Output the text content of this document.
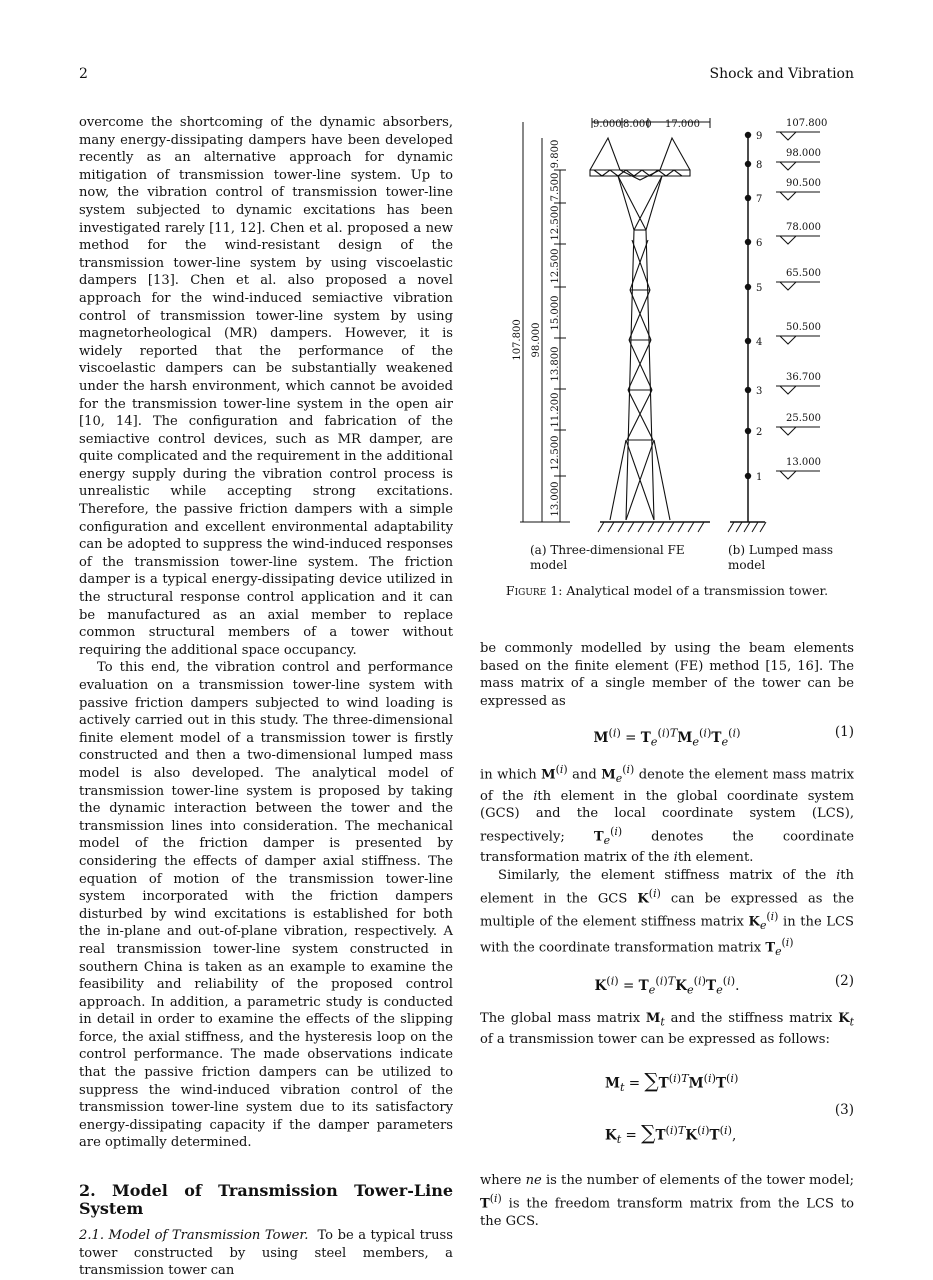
2	Shock and Vibration

overcome the shortcoming of the dynamic absorbers, many energy-dissipating dampers have been developed recently as an alternative approach for dynamic mitigation of transmission tower-line system. Up to now, the vibration control of transmission tower-line system subjected to dynamic excitations has been investigated rarely [11, 12]. Chen et al. proposed a new method for the wind-resistant design of the transmission tower-line system by using viscoelastic dampers [13]. Chen et al. also proposed a novel approach for the wind-induced semiactive vibration control of transmission tower-line system by using magnetorheological (MR) dampers. However, it is widely reported that the performance of the viscoelastic dampers can be substantially weakened under the harsh environment, which cannot be avoided for the transmission tower-line system in the open air [10, 14]. The configuration and fabrication of the semiactive control devices, such as MR damper, are quite complicated and the requirement in the additional energy supply during the vibration control process is unrealistic while accepting strong excitations. Therefore, the passive friction dampers with a simple configuration and excellent environmental adaptability can be adopted to suppress the wind-induced responses of the transmission tower-line system. The friction damper is a typical energy-dissipating device utilized in the structural response control application and it can be manufactured as an axial member to replace common structural members of a tower without requiring the additional space occupancy.

To this end, the vibration control and performance evaluation on a transmission tower-line system with passive friction dampers subjected to wind loading is actively carried out in this study. The three-dimensional finite element model of a transmission tower is firstly constructed and then a two-dimensional lumped mass model is also developed. The analytical model of transmission tower-line system is proposed by taking the dynamic interaction between the tower and the transmission lines into consideration. The mechanical model of the friction damper is presented by considering the effects of damper axial stiffness. The equation of motion of the transmission tower-line system incorporated with the friction dampers disturbed by wind excitations is established for both the in-plane and out-of-plane vibration, respectively. A real transmission tower-line system constructed in southern China is taken as an example to examine the feasibility and reliability of the proposed control approach. In addition, a parametric study is conducted in detail in order to examine the effects of the slipping force, the axial stiffness, and the hysteresis loop on the control performance. The made observations indicate that the passive friction dampers can be utilized to suppress the wind-induced vibration control of the transmission tower-line system due to its satisfactory energy-dissipating capacity if the damper parameters are optimally determined.

2. Model of Transmission Tower-Line System

2.1. Model of Transmission Tower. To be a typical truss tower constructed by using steel members, a transmission tower can

9.000 8.000 17.000
107.800 98.000
9.800
7.500
12.500
12.500
15.000
13.800
11.200
12.500
13.000
9
8
7
6
5
4
3
2
1
107.800
98.000
90.500
78.000
65.500
50.500
36.700
25.500
13.000
(a) Three-dimensional FE model
(b) Lumped mass model
Figure 1: Analytical model of a transmission tower.

be commonly modelled by using the beam elements based on the finite element (FE) method [15, 16]. The mass matrix of a single member of the tower can be expressed as

$M^{(i)} = T_e^{(i)T}M_e^{(i)}T_e^{(i)}$	(1)

in which $M^{(i)}$ and $M_e^{(i)}$ denote the element mass matrix of the ith element in the global coordinate system (GCS) and the local coordinate system (LCS), respectively; $T_e^{(i)}$ denotes the coordinate transformation matrix of the ith element.

Similarly, the element stiffness matrix of the ith element in the GCS $K^{(i)}$ can be expressed as the multiple of the element stiffness matrix $K_e^{(i)}$ in the LCS with the coordinate transformation matrix $T_e^{(i)}$

$K^{(i)} = T_e^{(i)T}K_e^{(i)}T_e^{(i)}$.	(2)

The global mass matrix $M_t$ and the stiffness matrix $K_t$ of a transmission tower can be expressed as follows:

$M_t = \sum T^{(i)T}M^{(i)}T^{(i)}$
$K_t = \sum T^{(i)T}K^{(i)}T^{(i)}$,
(3)

where ne is the number of elements of the tower model; $T^{(i)}$ is the freedom transform matrix from the LCS to the GCS.
